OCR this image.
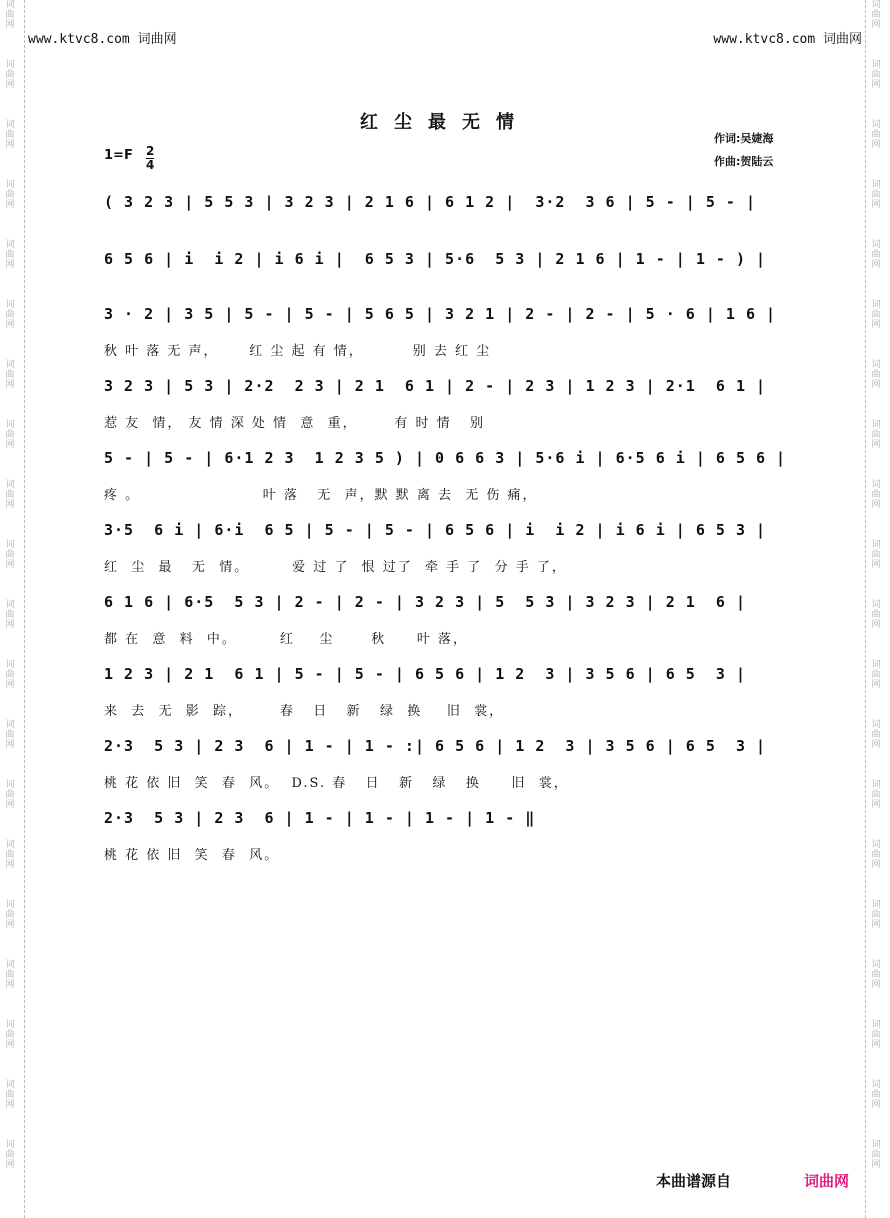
词曲网
词曲网
词曲网
词曲网
词曲网
词曲网
词曲网
词曲网
词曲网
词曲网
词曲网
词曲网
词曲网
词曲网
词曲网
词曲网
词曲网
词曲网
词曲网
词曲网
词曲网
词曲网
词曲网
词曲网
词曲网
词曲网
词曲网
词曲网
词曲网
词曲网
词曲网
词曲网
词曲网
词曲网
词曲网
词曲网
词曲网
词曲网
词曲网
词曲网
www.ktvc8.com 词曲网	www.ktvc8.com 词曲网
红尘最无情
作词:吴婕海
作曲:贺陆云
1=F 2
4
( 3 2 3 | 5 5 3 | 3 2 3 | 2 1 6 | 6 1 2 |  3·2  3 6 | 5 - | 5 - |
6 5 6 | i  i 2 | i 6 i |  6 5 3 | 5·6  5 3 | 2 1 6 | 1 - | 1 - ) |
3 · 2 | 3 5 | 5 - | 5 - | 5 6 5 | 3 2 1 | 2 - | 2 - | 5 · 6 | 1 6 |
秋 叶 落 无 声，     红 尘 起 有 情，        别 去 红 尘
3 2 3 | 5 3 | 2·2  2 3 | 2 1  6 1 | 2 - | 2 3 | 1 2 3 | 2·1  6 1 |
惹 友  情， 友 情 深 处 情  意  重，      有 时 情   别
5 - | 5 - | 6·1 2 3  1 2 3 5 ) | 0 6 6 3 | 5·6 i | 6·5 6 i | 6 5 6 |
疼 。                    叶 落   无  声，默 默 离 去  无 伤 痛，
3·5  6 i | 6·i  6 5 | 5 - | 5 - | 6 5 6 | i  i 2 | i 6 i | 6 5 3 |
红  尘  最   无  情。       爱 过 了  恨 过了  牵 手 了  分 手 了，
6 1 6 | 6·5  5 3 | 2 - | 2 - | 3 2 3 | 5  5 3 | 3 2 3 | 2 1  6 |
都 在  意  料  中。       红    尘      秋     叶 落，
1 2 3 | 2 1  6 1 | 5 - | 5 - | 6 5 6 | 1 2  3 | 3 5 6 | 6 5  3 |
来  去  无  影  踪，      春   日   新   绿  换    旧  裳，
2·3  5 3 | 2 3  6 | 1 - | 1 - :| 6 5 6 | 1 2  3 | 3 5 6 | 6 5  3 |
桃 花 依 旧  笑  春  风。  D.S. 春   日   新   绿   换     旧  裳，
2·3  5 3 | 2 3  6 | 1 - | 1 - | 1 - | 1 - ‖
桃 花 依 旧  笑  春  风。
本曲谱源自	词曲网
